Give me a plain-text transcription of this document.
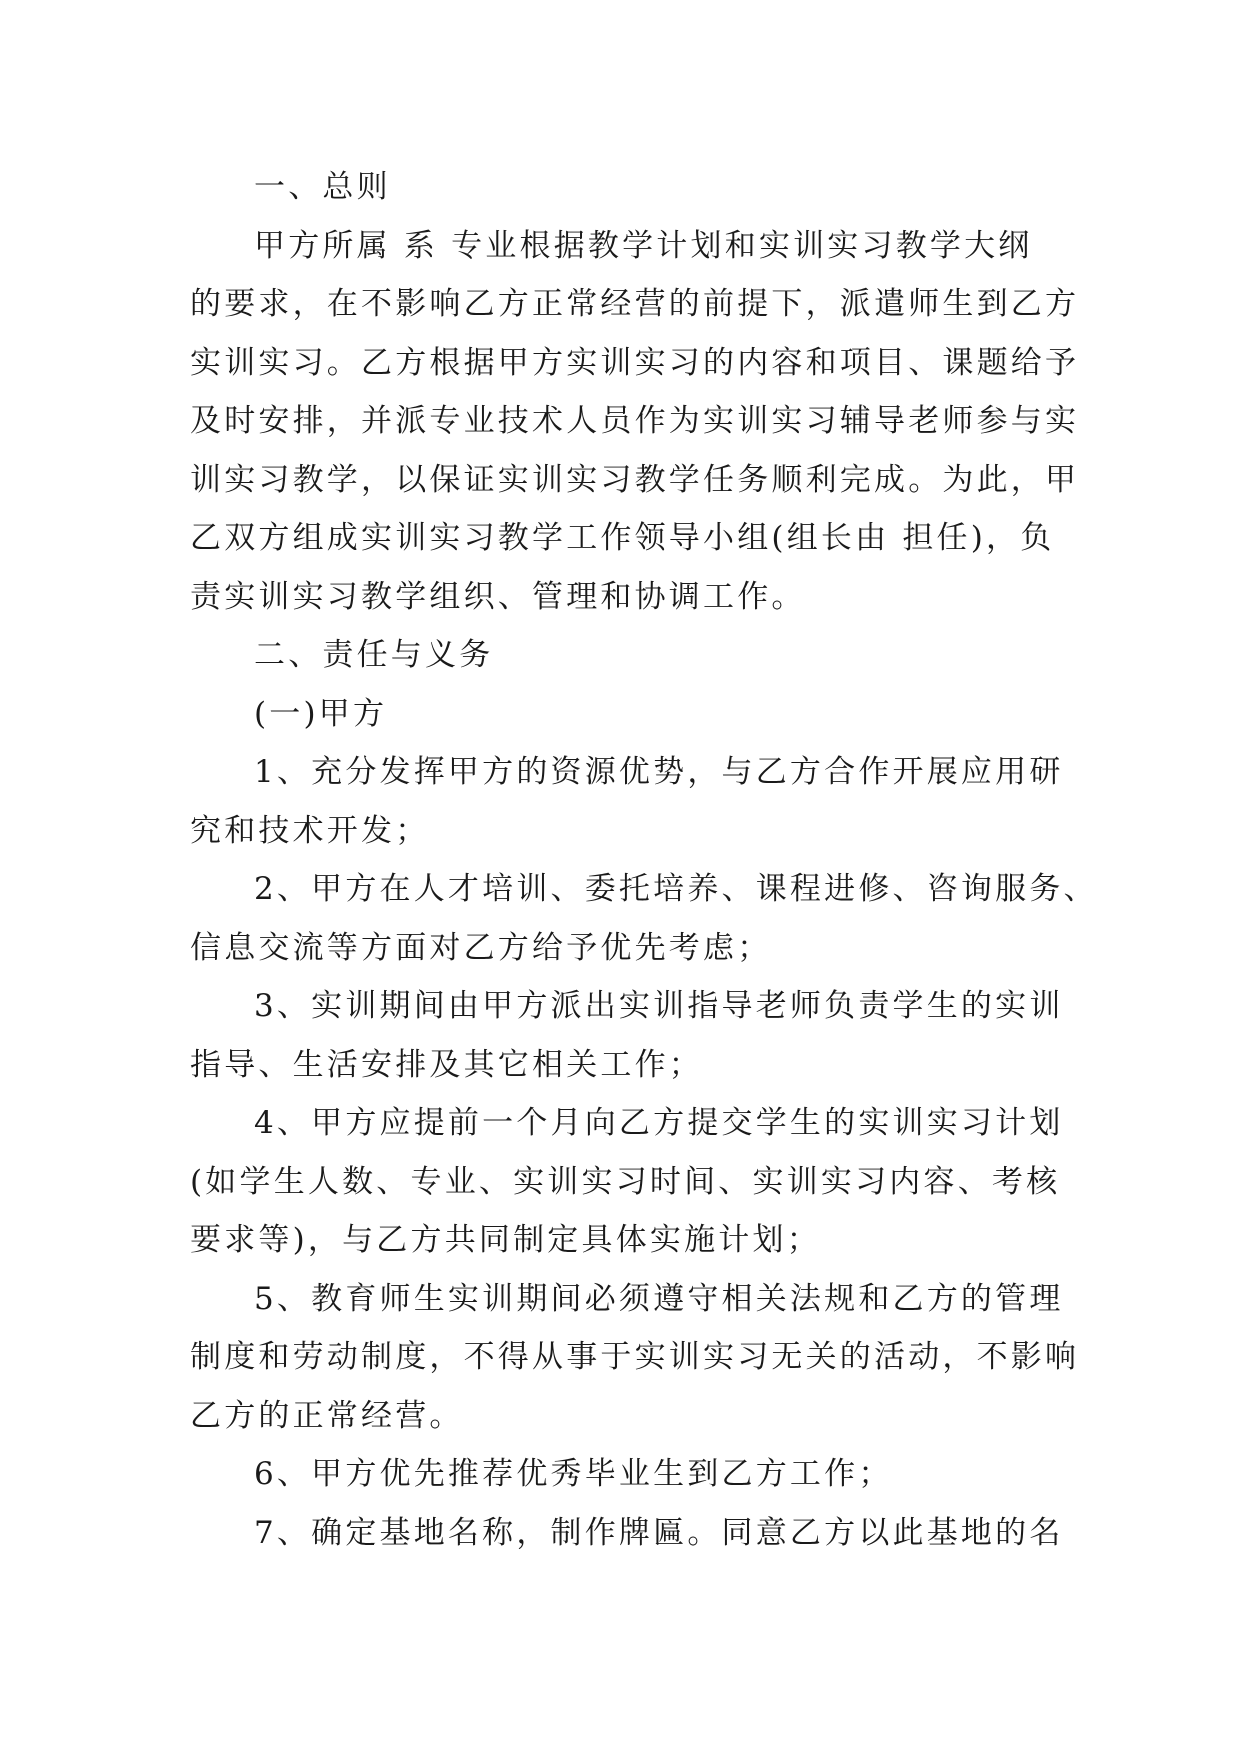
一、总则
甲方所属 系 专业根据教学计划和实训实习教学大纲
的要求，在不影响乙方正常经营的前提下，派遣师生到乙方
实训实习。乙方根据甲方实训实习的内容和项目、课题给予
及时安排，并派专业技术人员作为实训实习辅导老师参与实
训实习教学，以保证实训实习教学任务顺利完成。为此，甲
乙双方组成实训实习教学工作领导小组(组长由 担任)，负
责实训实习教学组织、管理和协调工作。
二、责任与义务
(一)甲方
1、充分发挥甲方的资源优势，与乙方合作开展应用研
究和技术开发；
2、甲方在人才培训、委托培养、课程进修、咨询服务、
信息交流等方面对乙方给予优先考虑；
3、实训期间由甲方派出实训指导老师负责学生的实训
指导、生活安排及其它相关工作；
4、甲方应提前一个月向乙方提交学生的实训实习计划
(如学生人数、专业、实训实习时间、实训实习内容、考核
要求等)，与乙方共同制定具体实施计划；
5、教育师生实训期间必须遵守相关法规和乙方的管理
制度和劳动制度，不得从事于实训实习无关的活动，不影响
乙方的正常经营。
6、甲方优先推荐优秀毕业生到乙方工作；
7、确定基地名称，制作牌匾。同意乙方以此基地的名
